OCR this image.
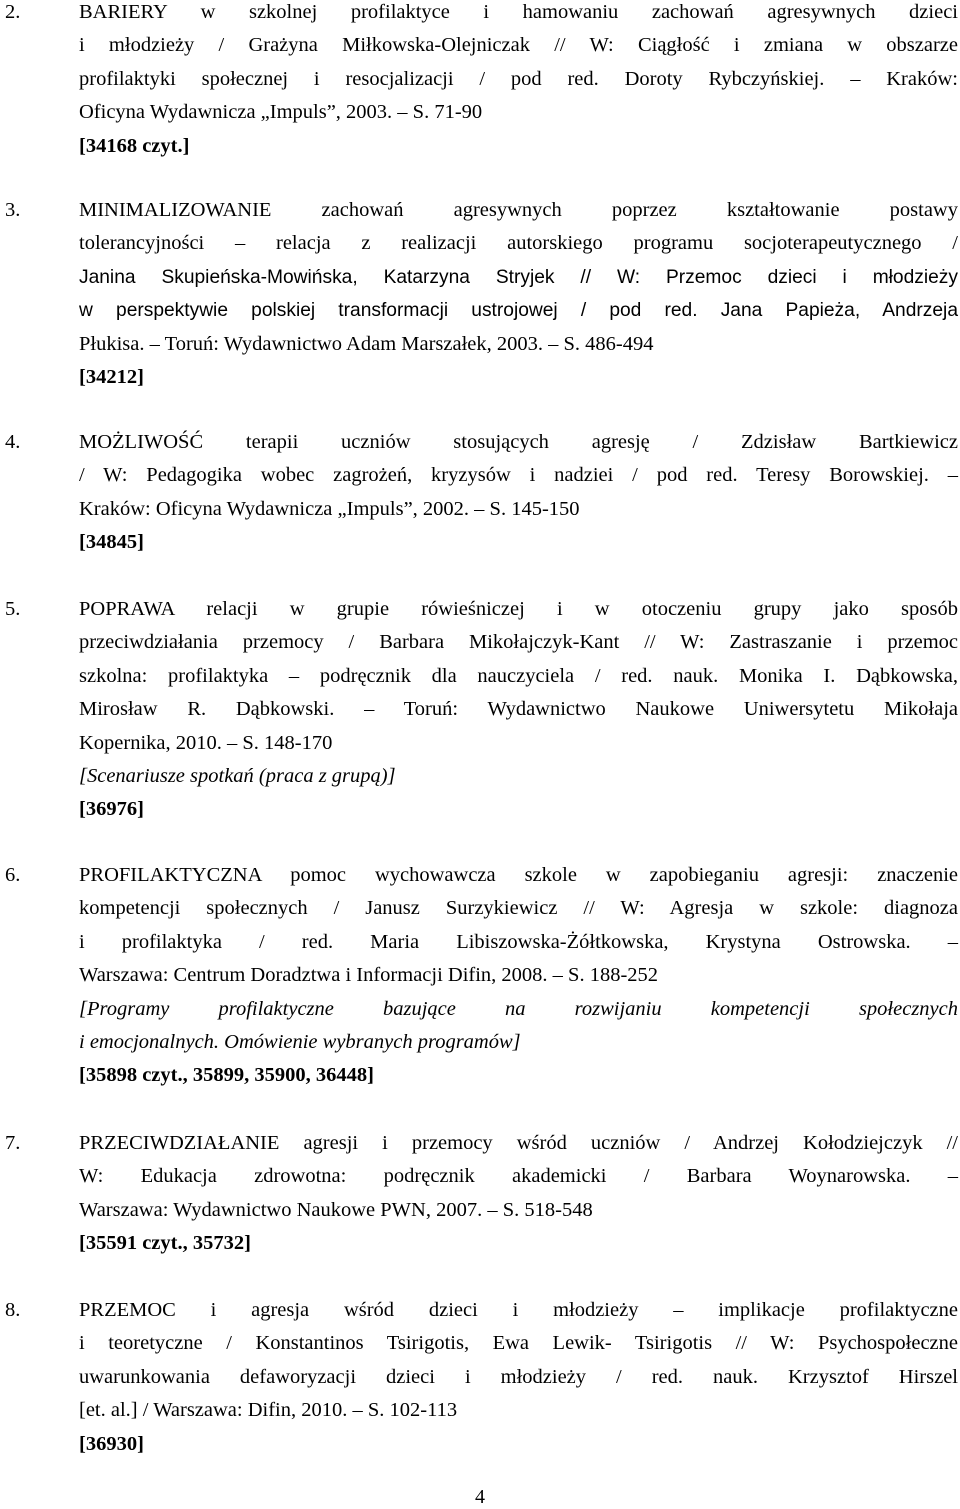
2.	BARIERY w szkolnej profilaktyce i hamowaniu zachowań agresywnych dzieci
i młodzieży / Grażyna Miłkowska-Olejniczak // W: Ciągłość i zmiana w obszarze
profilaktyki społecznej i resocjalizacji / pod red. Doroty Rybczyńskiej. – Kraków:
Oficyna Wydawnicza „Impuls”, 2003. – S. 71-90
[34168 czyt.]
3.	MINIMALIZOWANIE zachowań agresywnych poprzez kształtowanie postawy
tolerancyjności – relacja z realizacji autorskiego programu socjoterapeutycznego /
Janina Skupieńska-Mowińska, Katarzyna Stryjek // W: Przemoc dzieci i młodzieży
w perspektywie polskiej transformacji ustrojowej / pod red. Jana Papieża, Andrzeja
Płukisa. – Toruń: Wydawnictwo Adam Marszałek, 2003. – S. 486-494
[34212]
4.	MOŻLIWOŚĆ terapii uczniów stosujących agresję / Zdzisław Bartkiewicz
/ W: Pedagogika wobec zagrożeń, kryzysów i nadziei / pod red. Teresy Borowskiej. –
Kraków: Oficyna Wydawnicza „Impuls”, 2002. – S. 145-150
[34845]
5.	POPRAWA relacji w grupie rówieśniczej i w otoczeniu grupy jako sposób
przeciwdziałania przemocy / Barbara Mikołajczyk-Kant // W: Zastraszanie i przemoc
szkolna: profilaktyka – podręcznik dla nauczyciela / red. nauk. Monika I. Dąbkowska,
Mirosław R. Dąbkowski. – Toruń: Wydawnictwo Naukowe Uniwersytetu Mikołaja
Kopernika, 2010. – S. 148-170
[Scenariusze spotkań (praca z grupą)]
[36976]
6.	PROFILAKTYCZNA pomoc wychowawcza szkole w zapobieganiu agresji: znaczenie
kompetencji społecznych / Janusz Surzykiewicz // W: Agresja w szkole: diagnoza
i profilaktyka / red. Maria Libiszowska-Żółtkowska, Krystyna Ostrowska. –
Warszawa: Centrum Doradztwa i Informacji Difin, 2008. – S. 188-252
[Programy profilaktyczne bazujące na rozwijaniu kompetencji społecznych
i emocjonalnych. Omówienie wybranych programów]
[35898 czyt., 35899, 35900, 36448]
7.	PRZECIWDZIAŁANIE agresji i przemocy wśród uczniów / Andrzej Kołodziejczyk //
W: Edukacja zdrowotna: podręcznik akademicki / Barbara Woynarowska. –
Warszawa: Wydawnictwo Naukowe PWN, 2007. – S. 518-548
[35591 czyt., 35732]
8.	PRZEMOC i agresja wśród dzieci i młodzieży – implikacje profilaktyczne
i teoretyczne / Konstantinos Tsirigotis, Ewa Lewik- Tsirigotis // W: Psychospołeczne
uwarunkowania defaworyzacji dzieci i młodzieży / red. nauk. Krzysztof Hirszel
[et. al.] / Warszawa: Difin, 2010. – S. 102-113
[36930]
4
